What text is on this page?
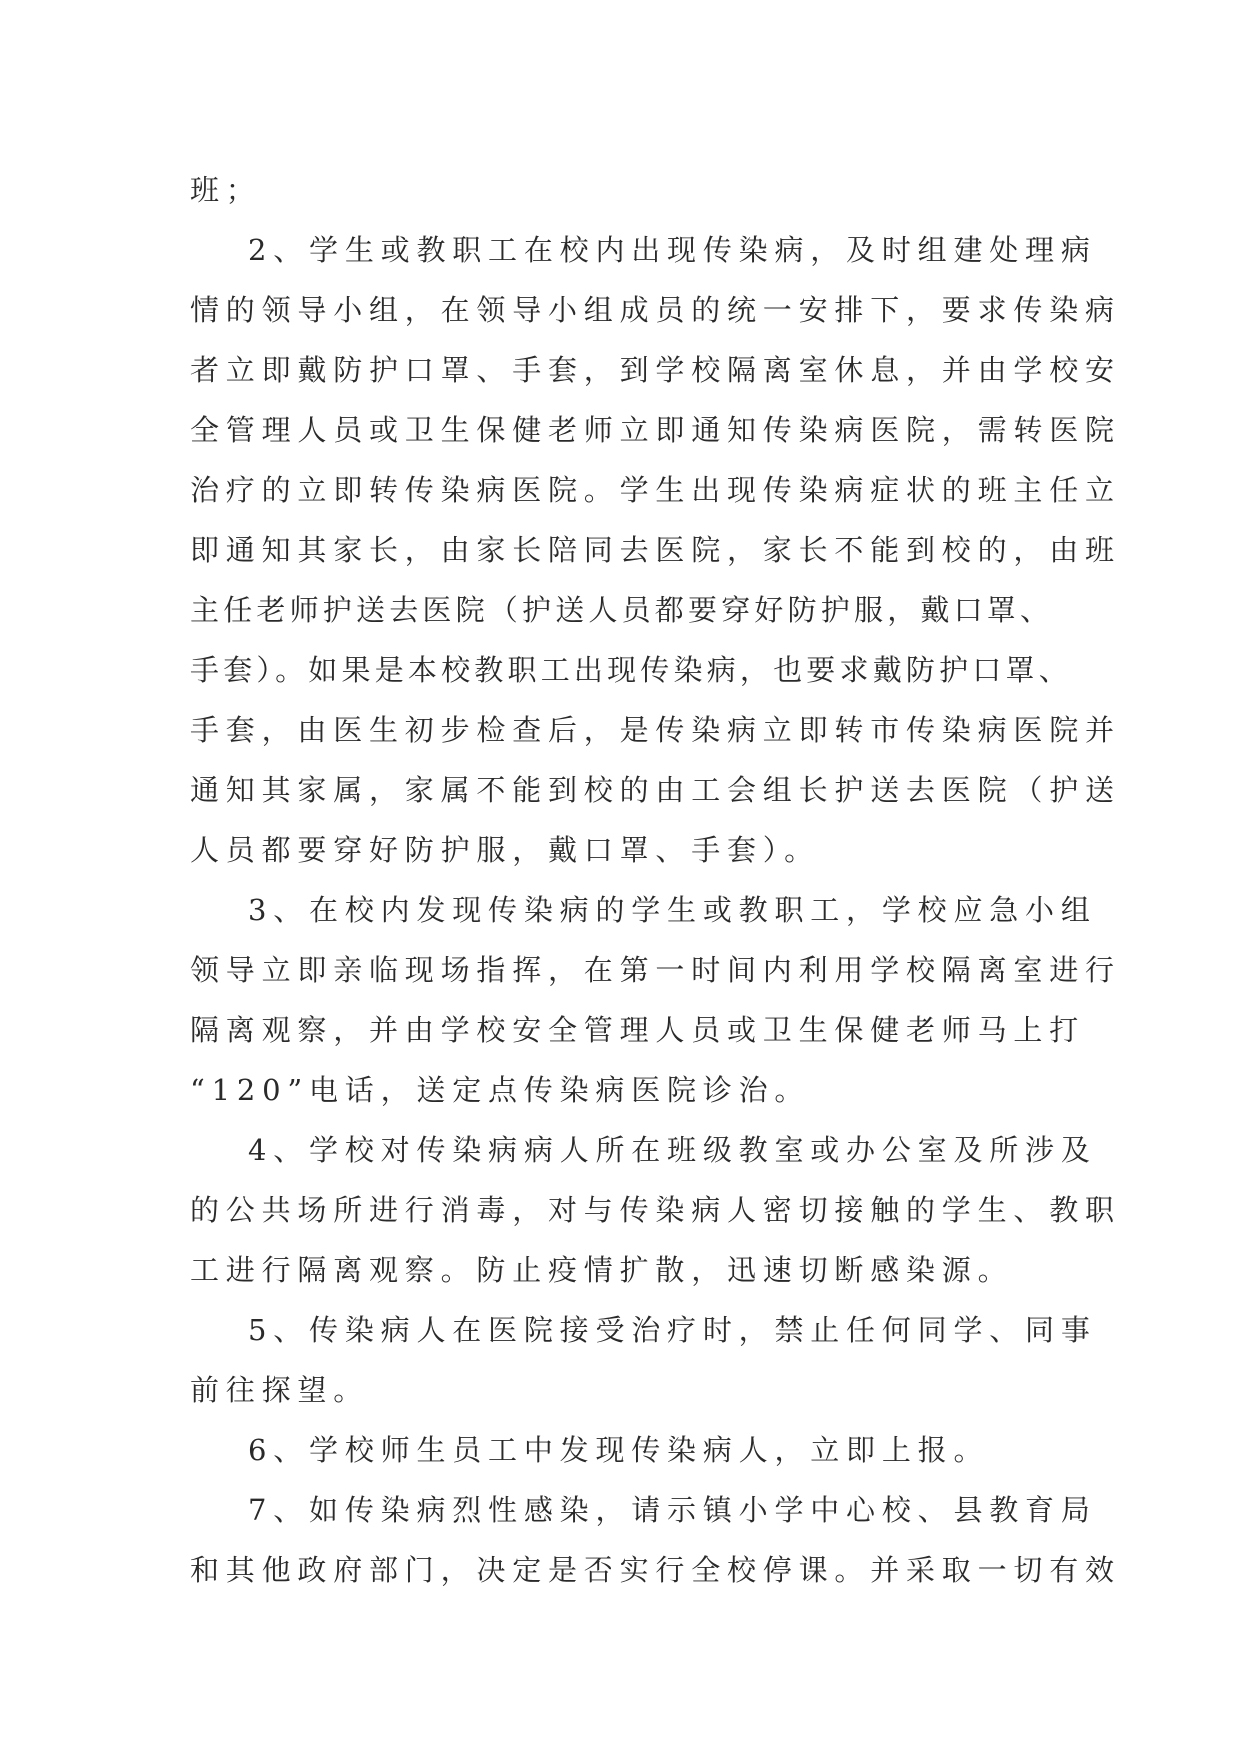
班；
2、学生或教职工在校内出现传染病，及时组建处理病
情的领导小组，在领导小组成员的统一安排下，要求传染病
者立即戴防护口罩、手套，到学校隔离室休息，并由学校安
全管理人员或卫生保健老师立即通知传染病医院，需转医院
治疗的立即转传染病医院。学生出现传染病症状的班主任立
即通知其家长，由家长陪同去医院，家长不能到校的，由班
主任老师护送去医院（护送人员都要穿好防护服，戴口罩、
手套）。如果是本校教职工出现传染病，也要求戴防护口罩、
手套，由医生初步检查后，是传染病立即转市传染病医院并
通知其家属，家属不能到校的由工会组长护送去医院（护送
人员都要穿好防护服，戴口罩、手套）。
3、在校内发现传染病的学生或教职工，学校应急小组
领导立即亲临现场指挥，在第一时间内利用学校隔离室进行
隔离观察，并由学校安全管理人员或卫生保健老师马上打
“120”电话，送定点传染病医院诊治。
4、学校对传染病病人所在班级教室或办公室及所涉及
的公共场所进行消毒，对与传染病人密切接触的学生、教职
工进行隔离观察。防止疫情扩散，迅速切断感染源。
5、传染病人在医院接受治疗时，禁止任何同学、同事
前往探望。
6、学校师生员工中发现传染病人，立即上报。
7、如传染病烈性感染，请示镇小学中心校、县教育局
和其他政府部门，决定是否实行全校停课。并采取一切有效
